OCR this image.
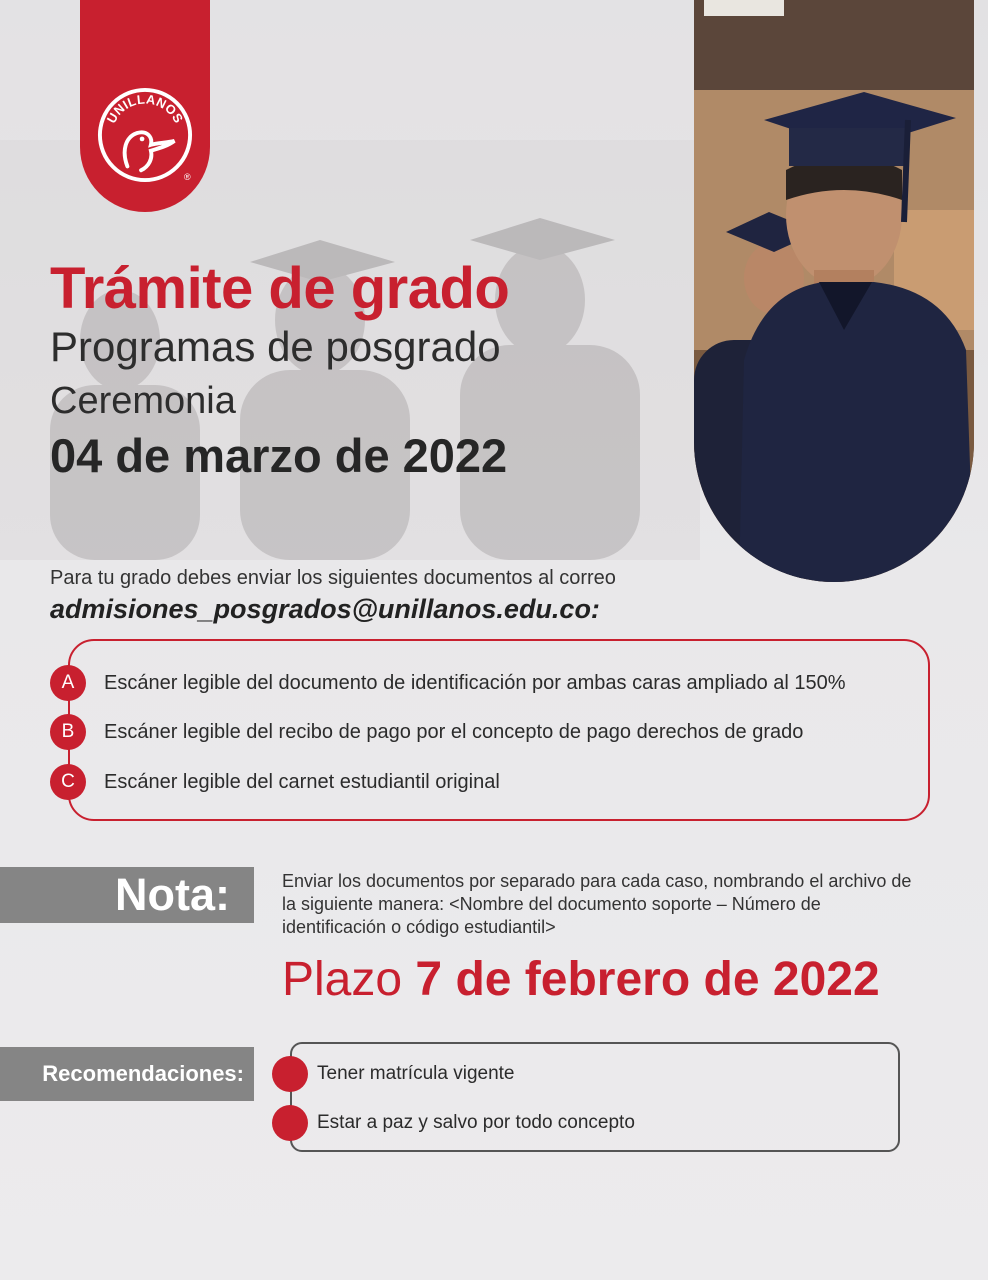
UNILLANOS
®
Trámite de grado
Programas de posgrado
Ceremonia
04 de marzo de 2022
Para tu grado debes enviar los siguientes documentos al correo
admisiones_posgrados@unillanos.edu.co:
A	Escáner legible del documento de identificación por ambas caras ampliado al 150%
B	Escáner legible del recibo de pago por el concepto de pago derechos de grado
C	Escáner legible del carnet estudiantil original
Nota:	Enviar los documentos por separado para cada caso, nombrando el archivo de la siguiente manera: <Nombre del documento soporte – Número de identificación o código estudiantil>
Plazo 7 de febrero de 2022
Recomendaciones:	Tener matrícula vigente
Estar a paz y salvo por todo concepto
